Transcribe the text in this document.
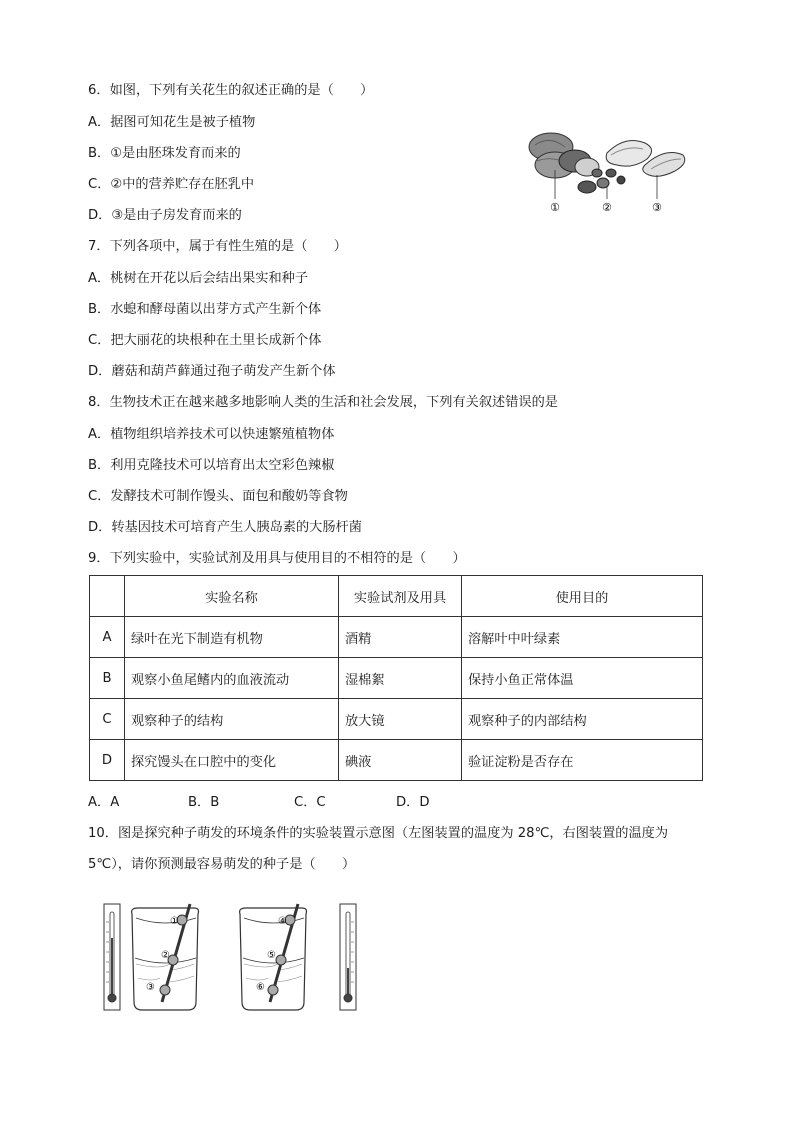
6．如图，下列有关花生的叙述正确的是（　　）
A．据图可知花生是被子植物
B．①是由胚珠发育而来的
C．②中的营养贮存在胚乳中
D．③是由子房发育而来的
①	②	③
7．下列各项中，属于有性生殖的是（　　）
A．桃树在开花以后会结出果实和种子
B．水螅和酵母菌以出芽方式产生新个体
C．把大丽花的块根种在土里长成新个体
D．蘑菇和葫芦藓通过孢子萌发产生新个体
8．生物技术正在越来越多地影响人类的生活和社会发展，下列有关叙述错误的是
A．植物组织培养技术可以快速繁殖植物体
B．利用克隆技术可以培育出太空彩色辣椒
C．发酵技术可制作馒头、面包和酸奶等食物
D．转基因技术可培育产生人胰岛素的大肠杆菌
9．下列实验中，实验试剂及用具与使用目的不相符的是（　　）
	实验名称	实验试剂及用具	使用目的
A	绿叶在光下制造有机物	酒精	溶解叶中叶绿素
B	观察小鱼尾鳍内的血液流动	湿棉絮	保持小鱼正常体温
C	观察种子的结构	放大镜	观察种子的内部结构
D	探究馒头在口腔中的变化	碘液	验证淀粉是否存在
A．A	B．B	C．C	D．D
10．图是探究种子萌发的环境条件的实验装置示意图（左图装置的温度为 28℃，右图装置的温度为
5℃），请你预测最容易萌发的种子是（　　）
①
②
③
④
⑤
⑥
